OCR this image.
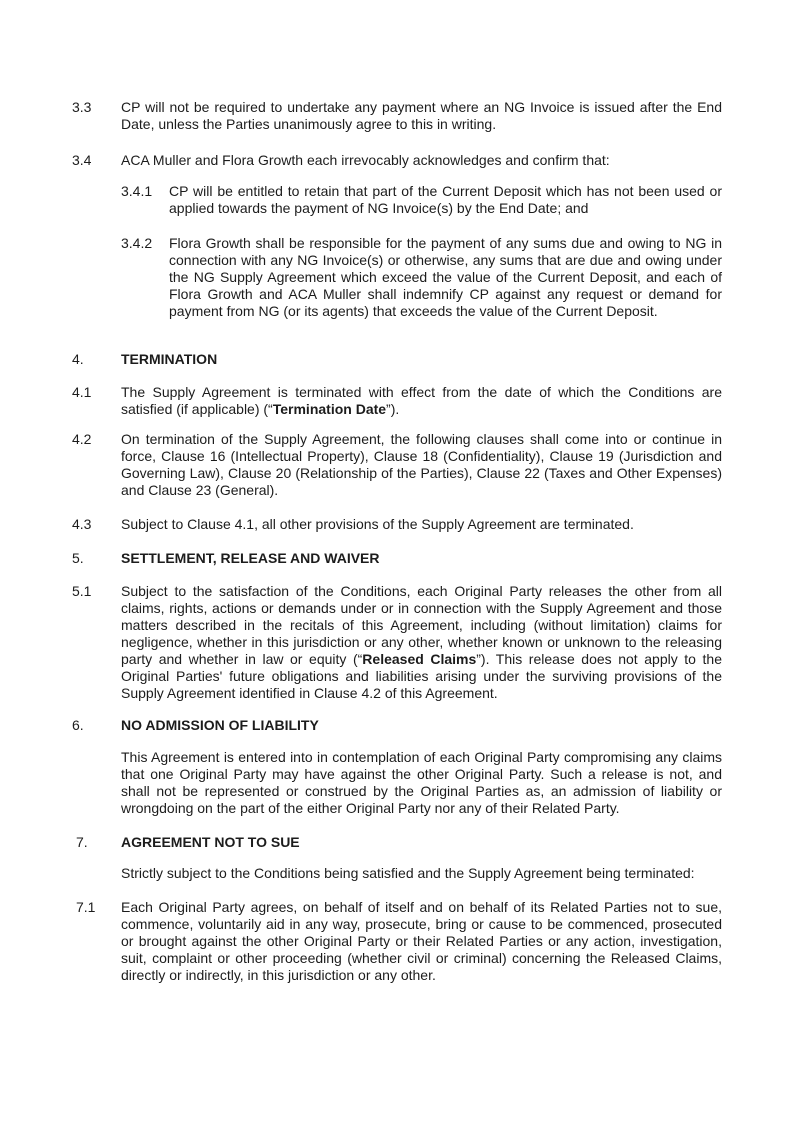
3.3 CP will not be required to undertake any payment where an NG Invoice is issued after the End Date, unless the Parties unanimously agree to this in writing.
3.4 ACA Muller and Flora Growth each irrevocably acknowledges and confirm that:
3.4.1 CP will be entitled to retain that part of the Current Deposit which has not been used or applied towards the payment of NG Invoice(s) by the End Date; and
3.4.2 Flora Growth shall be responsible for the payment of any sums due and owing to NG in connection with any NG Invoice(s) or otherwise, any sums that are due and owing under the NG Supply Agreement which exceed the value of the Current Deposit, and each of Flora Growth and ACA Muller shall indemnify CP against any request or demand for payment from NG (or its agents) that exceeds the value of the Current Deposit.
4.	TERMINATION
4.1 The Supply Agreement is terminated with effect from the date of which the Conditions are satisfied (if applicable) (“Termination Date”).
4.2 On termination of the Supply Agreement, the following clauses shall come into or continue in force, Clause 16 (Intellectual Property), Clause 18 (Confidentiality), Clause 19 (Jurisdiction and Governing Law), Clause 20 (Relationship of the Parties), Clause 22 (Taxes and Other Expenses) and Clause 23 (General).
4.3 Subject to Clause 4.1, all other provisions of the Supply Agreement are terminated.
5.	SETTLEMENT, RELEASE AND WAIVER
5.1 Subject to the satisfaction of the Conditions, each Original Party releases the other from all claims, rights, actions or demands under or in connection with the Supply Agreement and those matters described in the recitals of this Agreement, including (without limitation) claims for negligence, whether in this jurisdiction or any other, whether known or unknown to the releasing party and whether in law or equity (“Released Claims”). This release does not apply to the Original Parties' future obligations and liabilities arising under the surviving provisions of the Supply Agreement identified in Clause 4.2 of this Agreement.
6.	NO ADMISSION OF LIABILITY
This Agreement is entered into in contemplation of each Original Party compromising any claims that one Original Party may have against the other Original Party. Such a release is not, and shall not be represented or construed by the Original Parties as, an admission of liability or wrongdoing on the part of the either Original Party nor any of their Related Party.
7. AGREEMENT NOT TO SUE
Strictly subject to the Conditions being satisfied and the Supply Agreement being terminated:
7.1 Each Original Party agrees, on behalf of itself and on behalf of its Related Parties not to sue, commence, voluntarily aid in any way, prosecute, bring or cause to be commenced, prosecuted or brought against the other Original Party or their Related Parties or any action, investigation, suit, complaint or other proceeding (whether civil or criminal) concerning the Released Claims, directly or indirectly, in this jurisdiction or any other.
